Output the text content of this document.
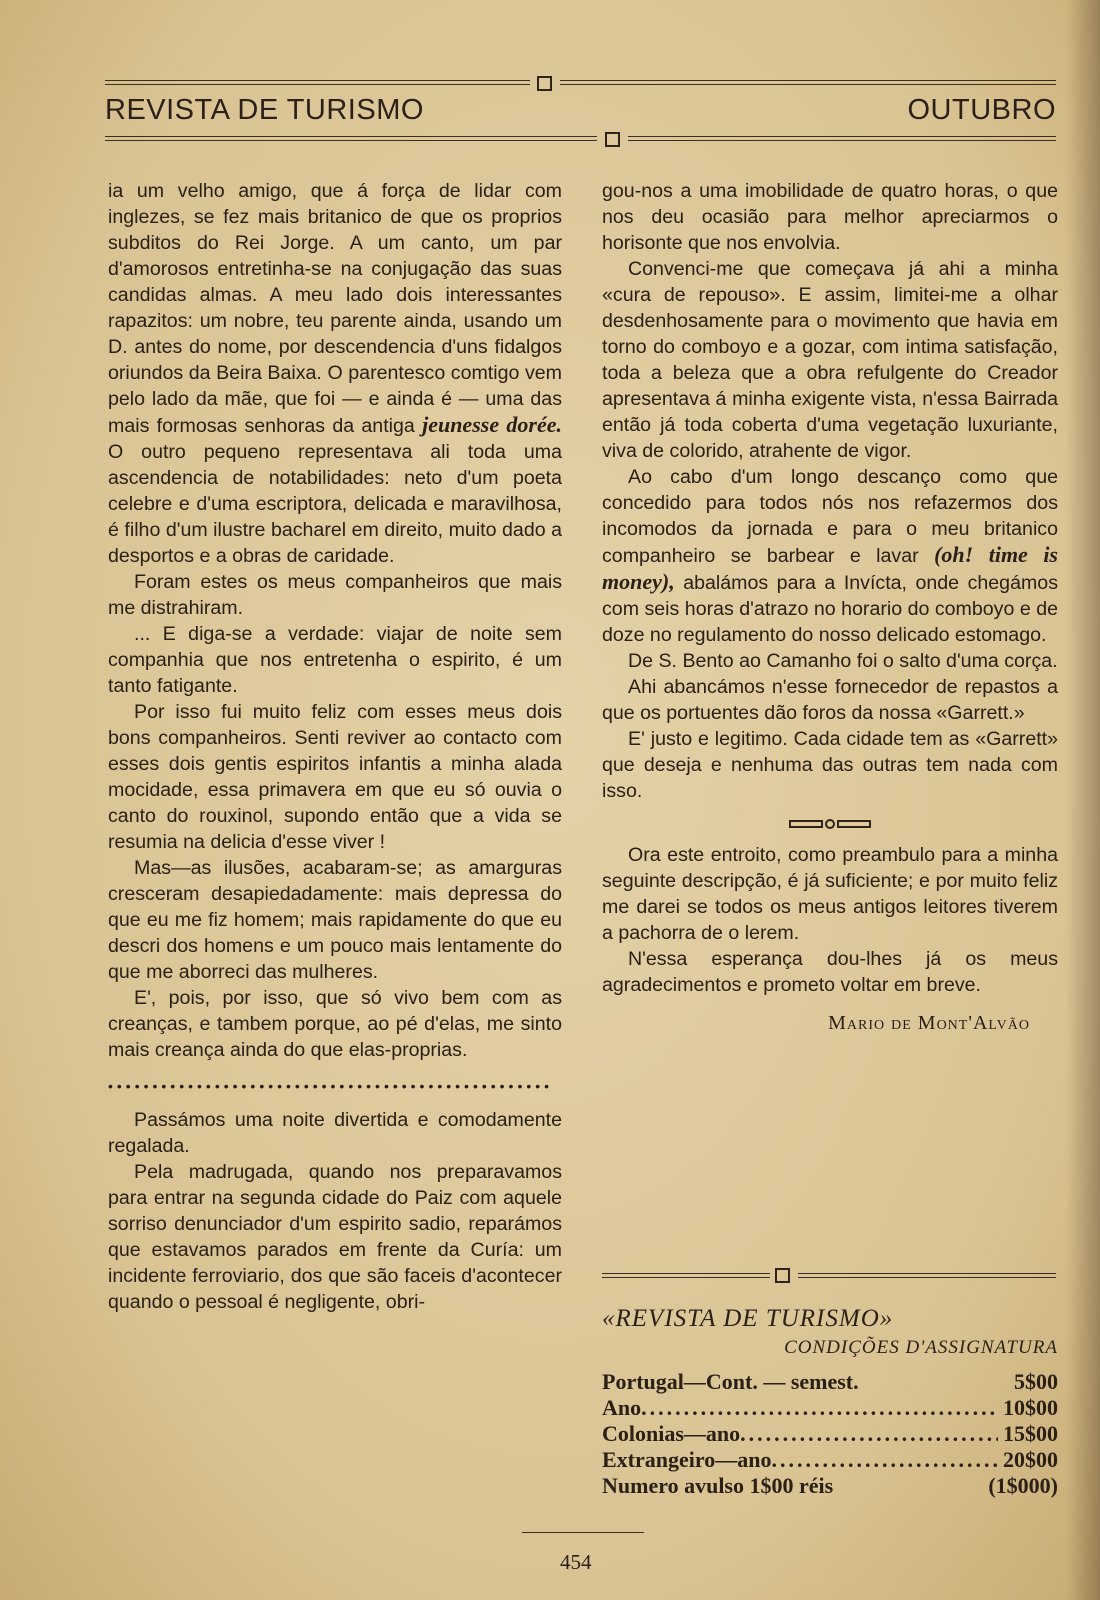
REVISTA DE TURISMO	OUTUBRO

ia um velho amigo, que á força de lidar com inglezes, se fez mais britanico de que os proprios subditos do Rei Jorge. A um canto, um par d'amorosos entretinha-se na conjugação das suas candidas almas. A meu lado dois interessantes rapazitos: um nobre, teu parente ainda, usando um D. antes do nome, por descendencia d'uns fidalgos oriundos da Beira Baixa. O parentesco comtigo vem pelo lado da mãe, que foi — e ainda é — uma das mais formosas senhoras da antiga jeunesse dorée. O outro pequeno representava ali toda uma ascendencia de notabilidades: neto d'um poeta celebre e d'uma escriptora, delicada e maravilhosa, é filho d'um ilustre bacharel em direito, muito dado a desportos e a obras de caridade.

Foram estes os meus companheiros que mais me distrahiram.

... E diga-se a verdade: viajar de noite sem companhia que nos entretenha o espirito, é um tanto fatigante.

Por isso fui muito feliz com esses meus dois bons companheiros. Senti reviver ao contacto com esses dois gentis espiritos infantis a minha alada mocidade, essa primavera em que eu só ouvia o canto do rouxinol, supondo então que a vida se resumia na delicia d'esse viver !

Mas—as ilusões, acabaram-se; as amarguras cresceram desapiedadamente: mais depressa do que eu me fiz homem; mais rapidamente do que eu descri dos homens e um pouco mais lentamente do que me aborreci das mulheres.

E', pois, por isso, que só vivo bem com as creanças, e tambem porque, ao pé d'elas, me sinto mais creança ainda do que elas-proprias.

••••••••••••••••••••••••••••••••••••••••••••••••••

Passámos uma noite divertida e comodamente regalada.

Pela madrugada, quando nos preparavamos para entrar na segunda cidade do Paiz com aquele sorriso denunciador d'um espirito sadio, reparámos que estavamos parados em frente da Curía: um incidente ferroviario, dos que são faceis d'acontecer quando o pessoal é negligente, obri-

gou-nos a uma imobilidade de quatro horas, o que nos deu ocasião para melhor apreciarmos o horisonte que nos envolvia.

Convenci-me que começava já ahi a minha «cura de repouso». E assim, limitei-me a olhar desdenhosamente para o movimento que havia em torno do comboyo e a gozar, com intima satisfação, toda a beleza que a obra refulgente do Creador apresentava á minha exigente vista, n'essa Bairrada então já toda coberta d'uma vegetação luxuriante, viva de colorido, atrahente de vigor.

Ao cabo d'um longo descanço como que concedido para todos nós nos refazermos dos incomodos da jornada e para o meu britanico companheiro se barbear e lavar (oh! time is money), abalámos para a Invícta, onde chegámos com seis horas d'atrazo no horario do comboyo e de doze no regulamento do nosso delicado estomago.

De S. Bento ao Camanho foi o salto d'uma corça.

Ahi abancámos n'esse fornecedor de repastos a que os portuentes dão foros da nossa «Garrett.»

E' justo e legitimo. Cada cidade tem as «Garrett» que deseja e nenhuma das outras tem nada com isso.

Ora este entroito, como preambulo para a minha seguinte descripção, é já suficiente; e por muito feliz me darei se todos os meus antigos leitores tiverem a pachorra de o lerem.

N'essa esperança dou-lhes já os meus agradecimentos e prometo voltar em breve.

Mario de Mont'Alvão
«REVISTA DE TURISMO»
CONDIÇÕES D'ASSIGNATURA
Portugal—Cont. — semest.	5$00
Ano .....	10$00
Colonias—ano .....	15$00
Extrangeiro—ano .....	20$00
Numero avulso 1$00 réis	(1$000)
454
